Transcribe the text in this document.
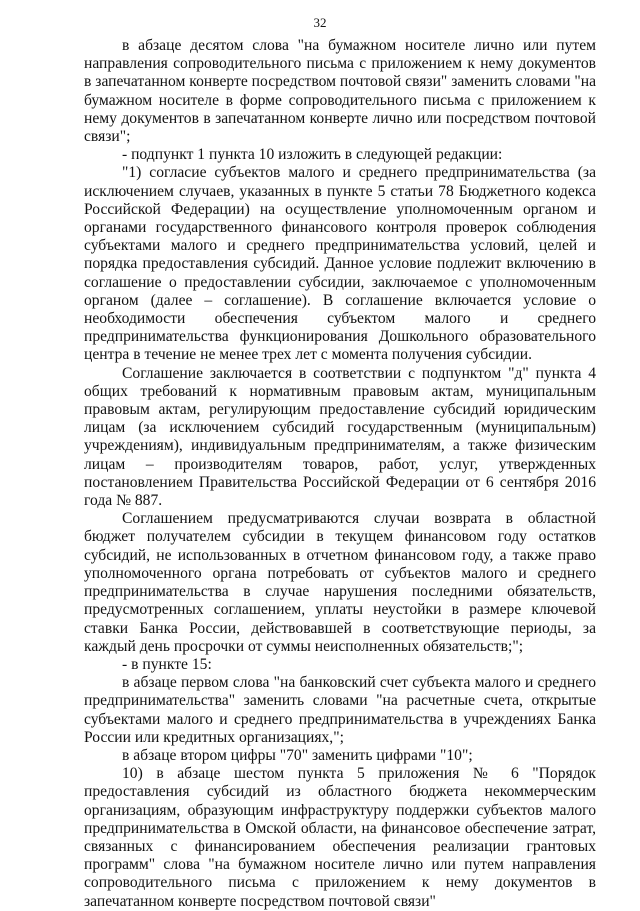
32

в абзаце десятом слова "на бумажном носителе лично или путем направления сопроводительного письма с приложением к нему документов в запечатанном конверте посредством почтовой связи" заменить словами "на бумажном носителе в форме сопроводительного письма с приложением к нему документов в запечатанном конверте лично или посредством почтовой связи";

- подпункт 1 пункта 10 изложить в следующей редакции:

"1) согласие субъектов малого и среднего предпринимательства (за исключением случаев, указанных в пункте 5 статьи 78 Бюджетного кодекса Российской Федерации) на осуществление уполномоченным органом и органами государственного финансового контроля проверок соблюдения субъектами малого и среднего предпринимательства условий, целей и порядка предоставления субсидий. Данное условие подлежит включению в соглашение о предоставлении субсидии, заключаемое с уполномоченным органом (далее – соглашение). В соглашение включается условие о необходимости обеспечения субъектом малого и среднего предпринимательства функционирования Дошкольного образовательного центра в течение не менее трех лет с момента получения субсидии.

Соглашение заключается в соответствии с подпунктом "д" пункта 4 общих требований к нормативным правовым актам, муниципальным правовым актам, регулирующим предоставление субсидий юридическим лицам (за исключением субсидий государственным (муниципальным) учреждениям), индивидуальным предпринимателям, а также физическим лицам – производителям товаров, работ, услуг, утвержденных постановлением Правительства Российской Федерации от 6 сентября 2016 года № 887.

Соглашением предусматриваются случаи возврата в областной бюджет получателем субсидии в текущем финансовом году остатков субсидий, не использованных в отчетном финансовом году, а также право уполномоченного органа потребовать от субъектов малого и среднего предпринимательства в случае нарушения последними обязательств, предусмотренных соглашением, уплаты неустойки в размере ключевой ставки Банка России, действовавшей в соответствующие периоды, за каждый день просрочки от суммы неисполненных обязательств;";

- в пункте 15:

в абзаце первом слова "на банковский счет субъекта малого и среднего предпринимательства" заменить словами "на расчетные счета, открытые субъектами малого и среднего предпринимательства в учреждениях Банка России или кредитных организациях,";

в абзаце втором цифры "70" заменить цифрами "10";

10) в абзаце шестом пункта 5 приложения № 6 "Порядок предоставления субсидий из областного бюджета некоммерческим организациям, образующим инфраструктуру поддержки субъектов малого предпринимательства в Омской области, на финансовое обеспечение затрат, связанных с финансированием обеспечения реализации грантовых программ" слова "на бумажном носителе лично или путем направления сопроводительного письма с приложением к нему документов в запечатанном конверте посредством почтовой связи"
